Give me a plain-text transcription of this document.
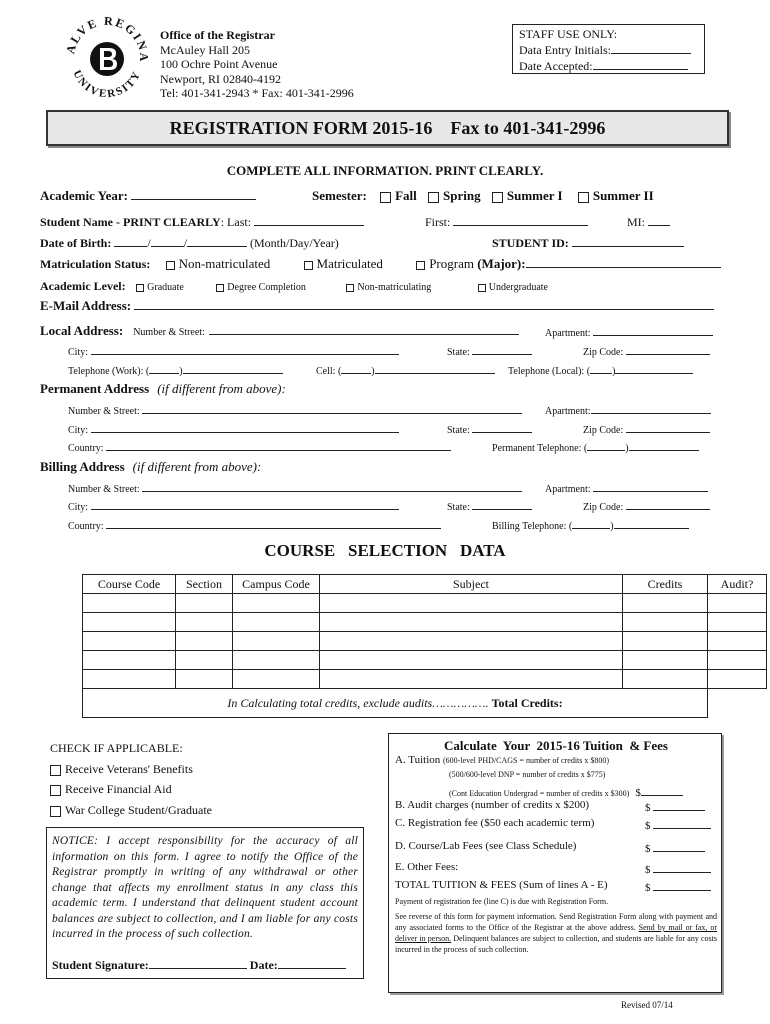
ALVE REGINA
UNIVERSITY
Office of the Registrar
McAuley Hall 205
100 Ochre Point Avenue
Newport, RI 02840-4192
Tel: 401-341-2943 * Fax: 401-341-2996
STAFF USE ONLY:
Data Entry Initials:
Date Accepted:
REGISTRATION FORM 2015-16    Fax to 401-341-2996
COMPLETE ALL INFORMATION. PRINT CLEARLY.
Academic Year:	Semester: Fall Spring Summer I Summer II
Student Name - PRINT CLEARLY: Last:	First:	MI:
Date of Birth:	/	/	(Month/Day/Year)	STUDENT ID:
Matriculation Status: Non-matriculated	Matriculated	Program (Major):
Academic Level: Graduate	Degree Completion	Non-matriculating	Undergraduate
E-Mail Address:
Local Address: Number & Street:	Apartment:
City:	State:	Zip Code:
Telephone (Work): (	)	Cell: (	)	Telephone (Local): ( )
Permanent Address (if different from above):
Number & Street:	Apartment:
City:	State:	Zip Code:
Country:	Permanent Telephone: (	)
Billing Address (if different from above):
Number & Street:	Apartment:
City:	State:	Zip Code:
Country:	Billing Telephone: (	)
COURSE   SELECTION   DATA
Course Code	Section	Campus Code	Subject	Credits	Audit?

In Calculating total credits, exclude audits……………. Total Credits:					
CHECK IF APPLICABLE:
Receive Veterans' Benefits
Receive Financial Aid
War College Student/Graduate
NOTICE: I accept responsibility for the accuracy of all information on this form. I agree to notify the Office of the Registrar promptly in writing of any withdrawal or other change that affects my enrollment status in any class this academic term. I understand that delinquent student account balances are subject to collection, and I am liable for any costs incurred in the process of such collection.
Student Signature:	Date:
Calculate  Your  2015-16 Tuition  & Fees
A. Tuition (600-level PHD/CAGS = number of credits x $800)
(500/600-level DNP = number of credits x $775)
(Cont Education Undergrad = number of credits x $300) $
B. Audit charges (number of credits x $200)	$
C. Registration fee ($50 each academic term)	$
D. Course/Lab Fees (see Class Schedule)	$
E. Other Fees:	$
TOTAL TUITION & FEES (Sum of lines A - E)	$
Payment of registration fee (line C) is due with Registration Form.
See reverse of this form for payment information. Send Registration Form along with payment and any associated forms to the Office of the Registrar at the above address. Send by mail or fax, or deliver in person. Delinquent balances are subject to collection, and students are liable for any costs incurred in the process of such collection.
Revised 07/14
